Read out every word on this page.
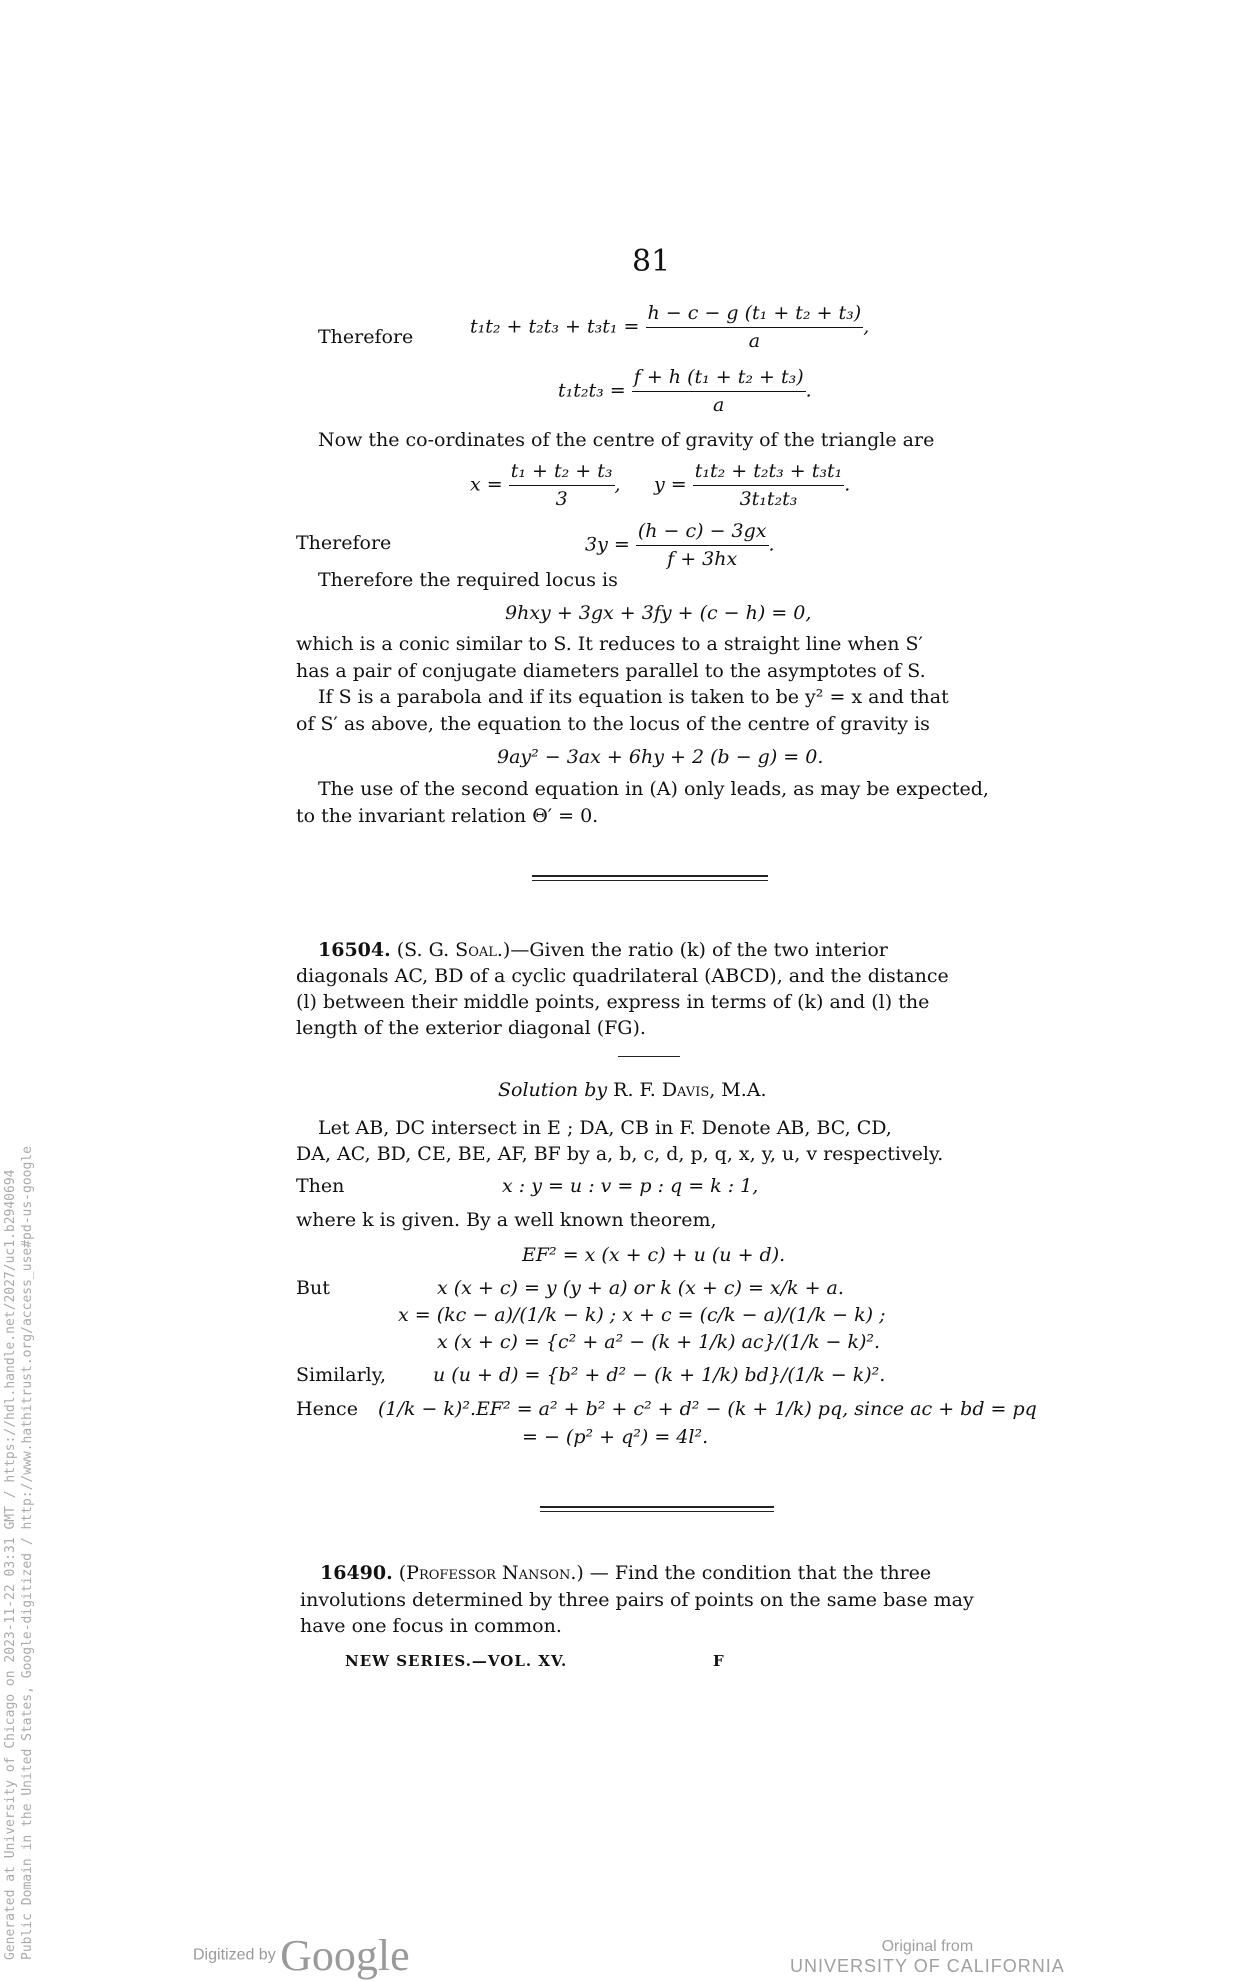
81
Therefore	$t_1t_2 + t_2t_3 + t_3t_1 = \frac{\text{h − c − g (t₁ + t₂ + t₃)}}{a}$ ,
$t_1t_2t_3 = \frac{\text{f + h (t₁ + t₂ + t₃)}}{a}$ .
Now the co-ordinates of the centre of gravity of the triangle are
$x = \frac{\text{t₁ + t₂ + t₃}}{3}$ , $y = \frac{\text{t₁t₂ + t₂t₃ + t₃t₁}}{\text{3t₁t₂t₃}}$ .
Therefore	$3y = \frac{(h - c) - 3gx}{f + 3hx}$ .
Therefore the required locus is
9hxy + 3gx + 3fy + (c − h) = 0,
which is a conic similar to S. It reduces to a straight line when S′
has a pair of conjugate diameters parallel to the asymptotes of S.
If S is a parabola and if its equation is taken to be y² = x and that
of S′ as above, the equation to the locus of the centre of gravity is
9ay² − 3ax + 6hy + 2 (b − g) = 0.
The use of the second equation in (A) only leads, as may be expected,
to the invariant relation Θ′ = 0.
16504. (S. G. Soal.)—Given the ratio (k) of the two interior
diagonals AC, BD of a cyclic quadrilateral (ABCD), and the distance
(l) between their middle points, express in terms of (k) and (l) the
length of the exterior diagonal (FG).
Solution by R. F. Davis, M.A.
Let AB, DC intersect in E ; DA, CB in F. Denote AB, BC, CD,
DA, AC, BD, CE, BE, AF, BF by a, b, c, d, p, q, x, y, u, v respectively.
Then	x : y = u : v = p : q = k : 1,
where k is given. By a well known theorem,
EF² = x (x + c) + u (u + d).
But	x (x + c) = y (y + a) or k (x + c) = x/k + a.
x = (kc − a)/(1/k − k) ; x + c = (c/k − a)/(1/k − k) ;
x (x + c) = {c² + a² − (k + 1/k) ac}/(1/k − k)².
Similarly, u (u + d) = {b² + d² − (k + 1/k) bd}/(1/k − k)².
Hence (1/k − k)².EF² = a² + b² + c² + d² − (k + 1/k) pq, since ac + bd = pq
= − (p² + q²) = 4l².
16490. (Professor Nanson.) — Find the condition that the three
involutions determined by three pairs of points on the same base may
have one focus in common.
NEW SERIES.—VOL. XV.	F
Generated at University of Chicago on 2023-11-22 03:31 GMT / https://hdl.handle.net/2027/uc1.b2940694 Public Domain in the United States, Google-digitized / http://www.hathitrust.org/access_use#pd-us-google	Digitized by Google	Original from
UNIVERSITY OF CALIFORNIA
